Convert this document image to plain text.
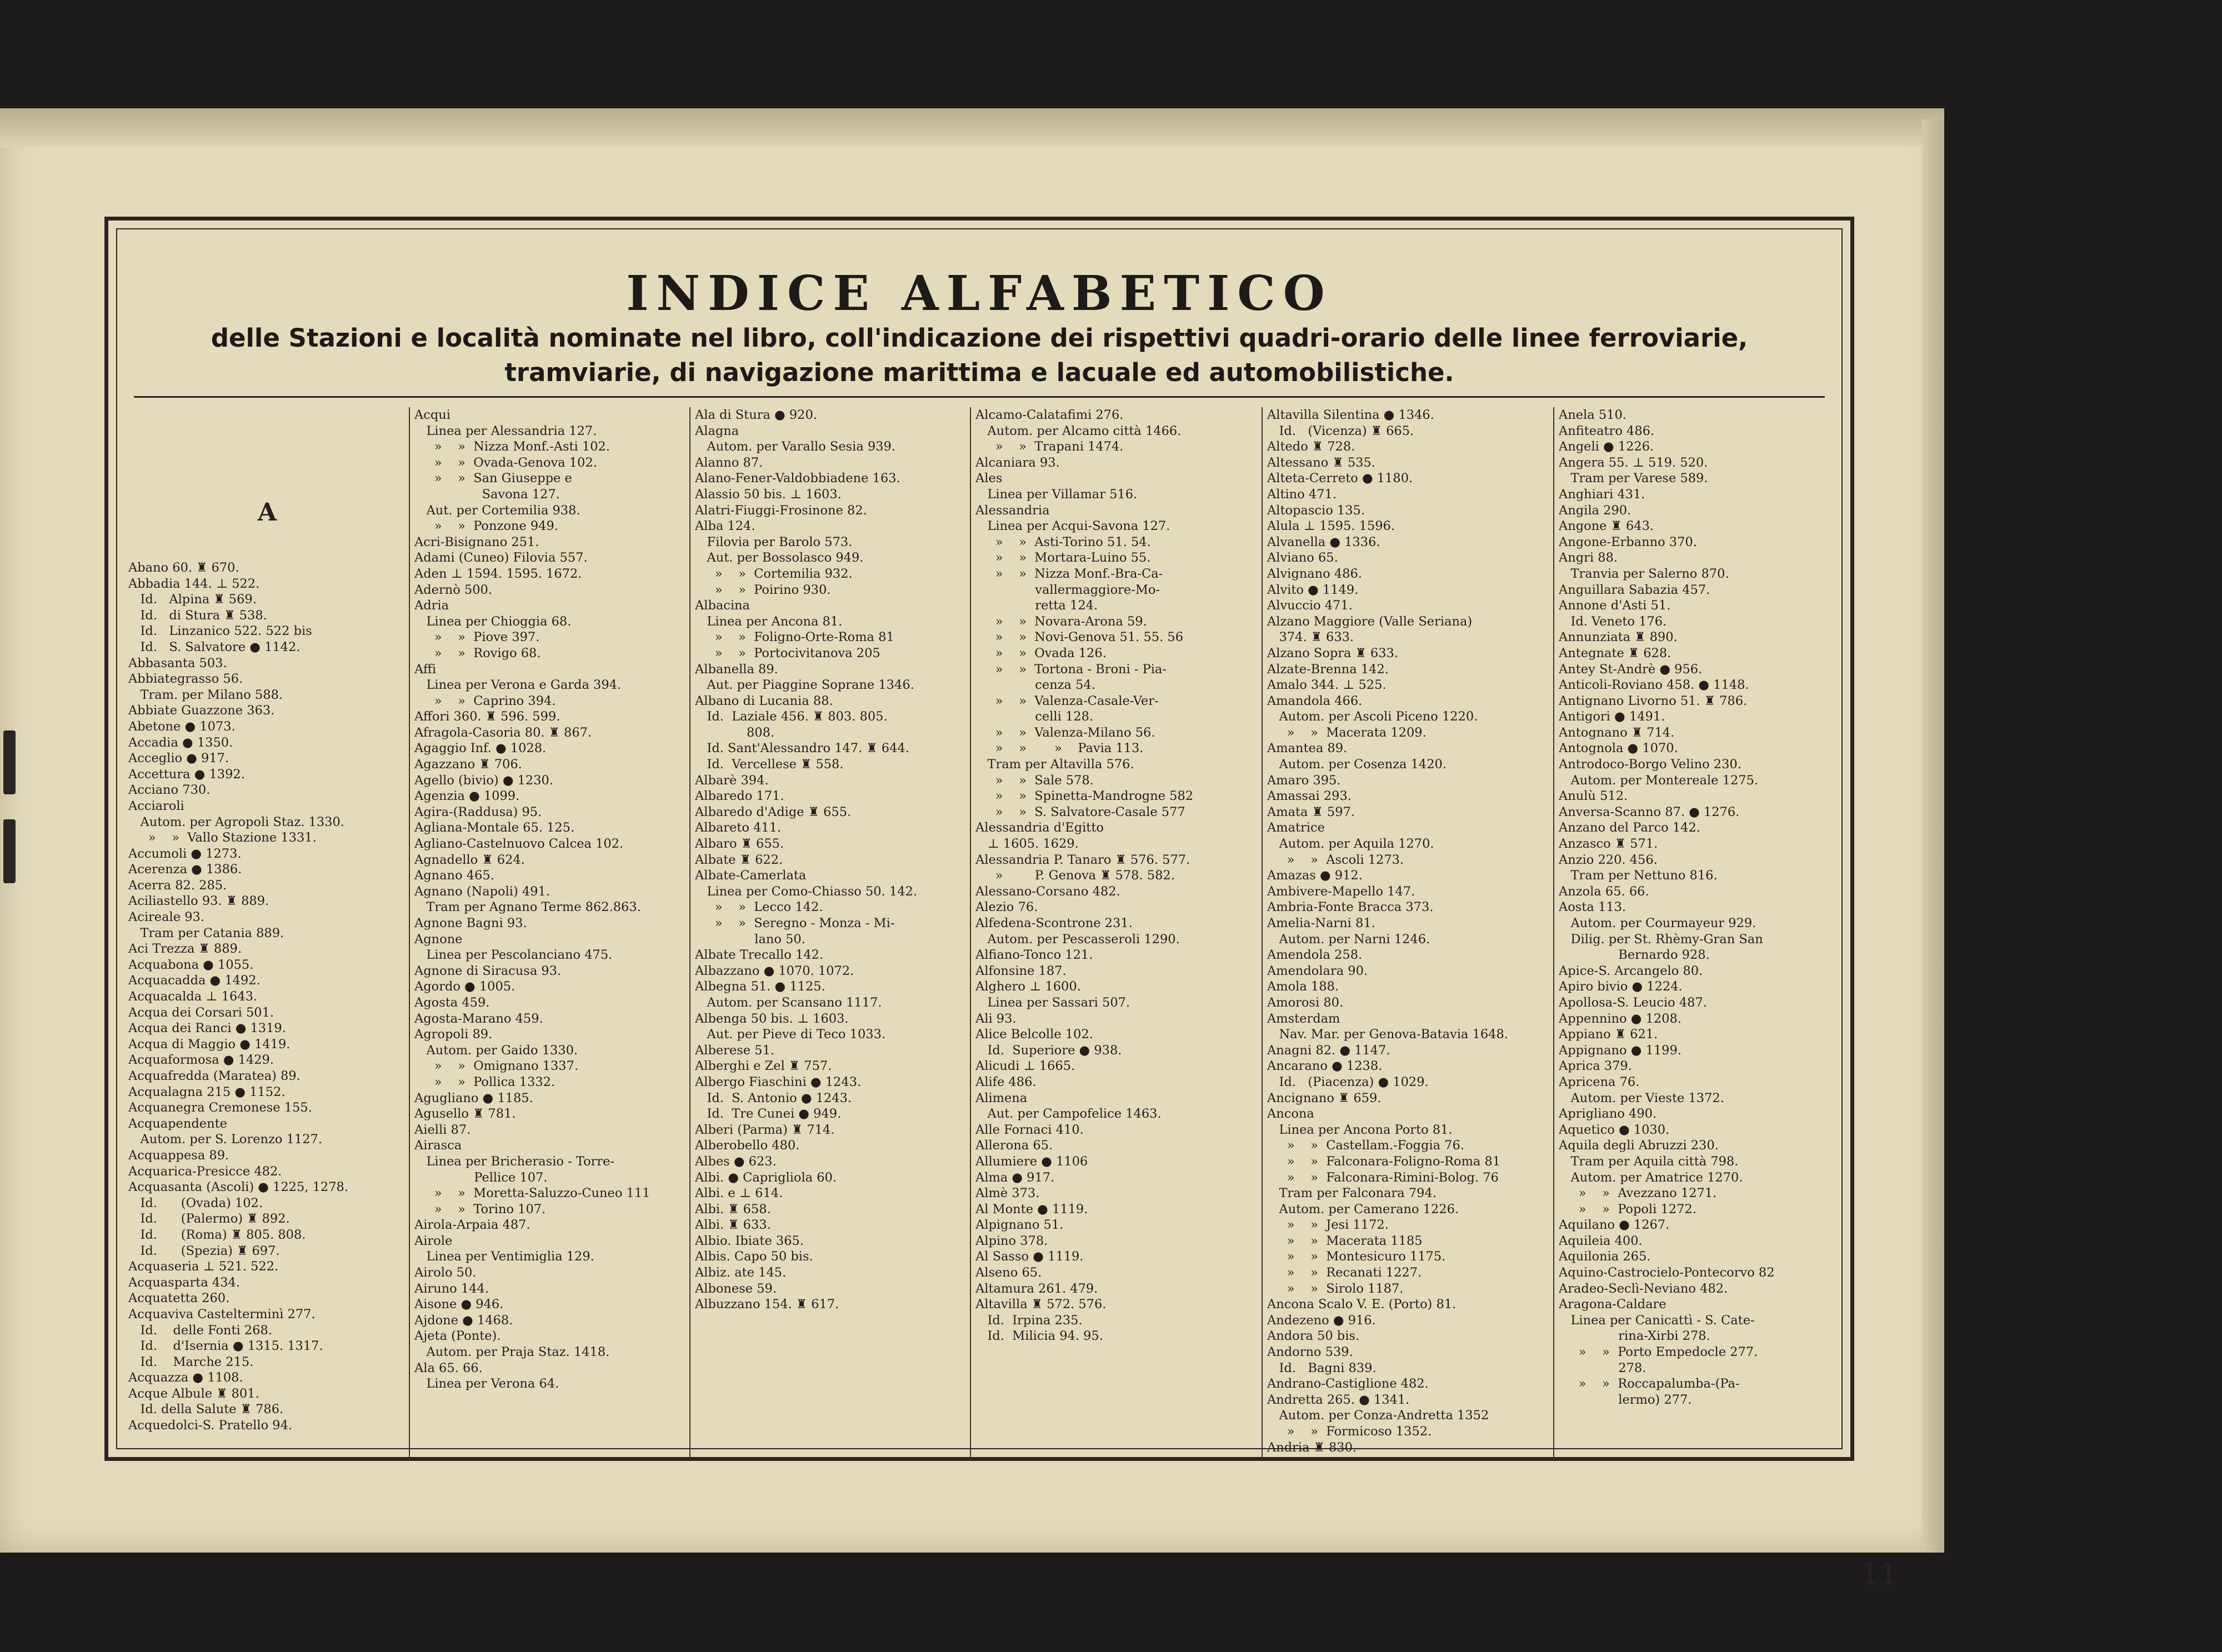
INDICE ALFABETICO
delle Stazioni e località nominate nel libro, coll'indicazione dei rispettivi quadri-orario delle linee ferroviarie, tramviarie, di navigazione marittima e lacuale ed automobilistiche.
A
Abano 60. ♜ 670.
Abbadia 144. ⊥ 522.
Id.   Alpina ♜ 569.
Id.   di Stura ♜ 538.
Id.   Linzanico 522. 522 bis
Id.   S. Salvatore ● 1142.
Abbasanta 503.
Abbiategrasso 56.
Tram. per Milano 588.
Abbiate Guazzone 363.
Abetone ● 1073.
Accadia ● 1350.
Acceglio ● 917.
Accettura ● 1392.
Acciano 730.
Acciaroli
Autom. per Agropoli Staz. 1330.
»    »  Vallo Stazione 1331.
Accumoli ● 1273.
Acerenza ● 1386.
Acerra 82. 285.
Aciliastello 93. ♜ 889.
Acireale 93.
Tram per Catania 889.
Aci Trezza ♜ 889.
Acquabona ● 1055.
Acquacadda ● 1492.
Acquacalda ⊥ 1643.
Acqua dei Corsari 501.
Acqua dei Ranci ● 1319.
Acqua di Maggio ● 1419.
Acquaformosa ● 1429.
Acquafredda (Maratea) 89.
Acqualagna 215 ● 1152.
Acquanegra Cremonese 155.
Acquapendente
Autom. per S. Lorenzo 1127.
Acquappesa 89.
Acquarica-Presicce 482.
Acquasanta (Ascoli) ● 1225, 1278.
Id.      (Ovada) 102.
Id.      (Palermo) ♜ 892.
Id.      (Roma) ♜ 805. 808.
Id.      (Spezia) ♜ 697.
Acquaseria ⊥ 521. 522.
Acquasparta 434.
Acquatetta 260.
Acquaviva Castelterminì 277.
Id.    delle Fonti 268.
Id.    d'Isernia ● 1315. 1317.
Id.    Marche 215.
Acquazza ● 1108.
Acque Albule ♜ 801.
Id. della Salute ♜ 786.
Acquedolci-S. Pratello 94.
Acqui
Linea per Alessandria 127.
»    »  Nizza Monf.-Asti 102.
»    »  Ovada-Genova 102.
»    »  San Giuseppe e
Savona 127.
Aut. per Cortemilia 938.
»    »  Ponzone 949.
Acri-Bisignano 251.
Adami (Cuneo) Filovia 557.
Aden ⊥ 1594. 1595. 1672.
Adernò 500.
Adria
Linea per Chioggia 68.
»    »  Piove 397.
»    »  Rovigo 68.
Affi
Linea per Verona e Garda 394.
»    »  Caprino 394.
Affori 360. ♜ 596. 599.
Afragola-Casoria 80. ♜ 867.
Agaggio Inf. ● 1028.
Agazzano ♜ 706.
Agello (bivio) ● 1230.
Agenzia ● 1099.
Agira-(Raddusa) 95.
Agliana-Montale 65. 125.
Agliano-Castelnuovo Calcea 102.
Agnadello ♜ 624.
Agnano 465.
Agnano (Napoli) 491.
Tram per Agnano Terme 862.863.
Agnone Bagni 93.
Agnone
Linea per Pescolanciano 475.
Agnone di Siracusa 93.
Agordo ● 1005.
Agosta 459.
Agosta-Marano 459.
Agropoli 89.
Autom. per Gaido 1330.
»    »  Omignano 1337.
»    »  Pollica 1332.
Agugliano ● 1185.
Agusello ♜ 781.
Aielli 87.
Airasca
Linea per Bricherasio - Torre-
Pellice 107.
»    »  Moretta-Saluzzo-Cuneo 111
»    »  Torino 107.
Airola-Arpaia 487.
Airole
Linea per Ventimiglia 129.
Airolo 50.
Airuno 144.
Aisone ● 946.
Ajdone ● 1468.
Ajeta (Ponte).
Autom. per Praja Staz. 1418.
Ala 65. 66.
Linea per Verona 64.
Ala di Stura ● 920.
Alagna
Autom. per Varallo Sesia 939.
Alanno 87.
Alano-Fener-Valdobbiadene 163.
Alassio 50 bis. ⊥ 1603.
Alatri-Fiuggi-Frosinone 82.
Alba 124.
Filovia per Barolo 573.
Aut. per Bossolasco 949.
»    »  Cortemilia 932.
»    »  Poirino 930.
Albacina
Linea per Ancona 81.
»    »  Foligno-Orte-Roma 81
»    »  Portocivitanova 205
Albanella 89.
Aut. per Piaggine Soprane 1346.
Albano di Lucania 88.
Id.  Laziale 456. ♜ 803. 805.
808.
Id. Sant'Alessandro 147. ♜ 644.
Id.  Vercellese ♜ 558.
Albarè 394.
Albaredo 171.
Albaredo d'Adige ♜ 655.
Albareto 411.
Albaro ♜ 655.
Albate ♜ 622.
Albate-Camerlata
Linea per Como-Chiasso 50. 142.
»    »  Lecco 142.
»    »  Seregno - Monza - Mi-
lano 50.
Albate Trecallo 142.
Albazzano ● 1070. 1072.
Albegna 51. ● 1125.
Autom. per Scansano 1117.
Albenga 50 bis. ⊥ 1603.
Aut. per Pieve di Teco 1033.
Alberese 51.
Alberghi e Zel ♜ 757.
Albergo Fiaschini ● 1243.
Id.  S. Antonio ● 1243.
Id.  Tre Cunei ● 949.
Alberi (Parma) ♜ 714.
Alberobello 480.
Albes ● 623.
Albi. ● Caprigliola 60.
Albi. e ⊥ 614.
Albi. ♜ 658.
Albi. ♜ 633.
Albio. Ibiate 365.
Albis. Capo 50 bis.
Albiz. ate 145.
Albonese 59.
Albuzzano 154. ♜ 617.
Alcamo-Calatafimi 276.
Autom. per Alcamo città 1466.
»    »  Trapani 1474.
Alcaniara 93.
Ales
Linea per Villamar 516.
Alessandria
Linea per Acqui-Savona 127.
»    »  Asti-Torino 51. 54.
»    »  Mortara-Luino 55.
»    »  Nizza Monf.-Bra-Ca-
vallermaggiore-Mo-
retta 124.
»    »  Novara-Arona 59.
»    »  Novi-Genova 51. 55. 56
»    »  Ovada 126.
»    »  Tortona - Broni - Pia-
cenza 54.
»    »  Valenza-Casale-Ver-
celli 128.
»    »  Valenza-Milano 56.
»    »       »    Pavia 113.
Tram per Altavilla 576.
»    »  Sale 578.
»    »  Spinetta-Mandrogne 582
»    »  S. Salvatore-Casale 577
Alessandria d'Egitto
⊥ 1605. 1629.
Alessandria P. Tanaro ♜ 576. 577.
»        P. Genova ♜ 578. 582.
Alessano-Corsano 482.
Alezio 76.
Alfedena-Scontrone 231.
Autom. per Pescasseroli 1290.
Alfiano-Tonco 121.
Alfonsine 187.
Alghero ⊥ 1600.
Linea per Sassari 507.
Ali 93.
Alice Belcolle 102.
Id.  Superiore ● 938.
Alicudi ⊥ 1665.
Alife 486.
Alimena
Aut. per Campofelice 1463.
Alle Fornaci 410.
Allerona 65.
Allumiere ● 1106
Alma ● 917.
Almè 373.
Al Monte ● 1119.
Alpignano 51.
Alpino 378.
Al Sasso ● 1119.
Alseno 65.
Altamura 261. 479.
Altavilla ♜ 572. 576.
Id.  Irpina 235.
Id.  Milicia 94. 95.
Altavilla Silentina ● 1346.
Id.   (Vicenza) ♜ 665.
Altedo ♜ 728.
Altessano ♜ 535.
Alteta-Cerreto ● 1180.
Altino 471.
Altopascio 135.
Alula ⊥ 1595. 1596.
Alvanella ● 1336.
Alviano 65.
Alvignano 486.
Alvito ● 1149.
Alvuccio 471.
Alzano Maggiore (Valle Seriana)
374. ♜ 633.
Alzano Sopra ♜ 633.
Alzate-Brenna 142.
Amalo 344. ⊥ 525.
Amandola 466.
Autom. per Ascoli Piceno 1220.
»    »  Macerata 1209.
Amantea 89.
Autom. per Cosenza 1420.
Amaro 395.
Amassai 293.
Amata ♜ 597.
Amatrice
Autom. per Aquila 1270.
»    »  Ascoli 1273.
Amazas ● 912.
Ambivere-Mapello 147.
Ambria-Fonte Bracca 373.
Amelia-Narni 81.
Autom. per Narni 1246.
Amendola 258.
Amendolara 90.
Amola 188.
Amorosi 80.
Amsterdam
Nav. Mar. per Genova-Batavia 1648.
Anagni 82. ● 1147.
Ancarano ● 1238.
Id.   (Piacenza) ● 1029.
Ancignano ♜ 659.
Ancona
Linea per Ancona Porto 81.
»    »  Castellam.-Foggia 76.
»    »  Falconara-Foligno-Roma 81
»    »  Falconara-Rimini-Bolog. 76
Tram per Falconara 794.
Autom. per Camerano 1226.
»    »  Jesi 1172.
»    »  Macerata 1185
»    »  Montesicuro 1175.
»    »  Recanati 1227.
»    »  Sirolo 1187.
Ancona Scalo V. E. (Porto) 81.
Andezeno ● 916.
Andora 50 bis.
Andorno 539.
Id.   Bagni 839.
Andrano-Castiglione 482.
Andretta 265. ● 1341.
Autom. per Conza-Andretta 1352
»    »  Formicoso 1352.
Andria ♜ 830.
Anela 510.
Anfiteatro 486.
Angeli ● 1226.
Angera 55. ⊥ 519. 520.
Tram per Varese 589.
Anghiari 431.
Angila 290.
Angone ♜ 643.
Angone-Erbanno 370.
Angri 88.
Tranvia per Salerno 870.
Anguillara Sabazia 457.
Annone d'Asti 51.
Id. Veneto 176.
Annunziata ♜ 890.
Antegnate ♜ 628.
Antey St-Andrè ● 956.
Anticoli-Roviano 458. ● 1148.
Antignano Livorno 51. ♜ 786.
Antigori ● 1491.
Antognano ♜ 714.
Antognola ● 1070.
Antrodoco-Borgo Velino 230.
Autom. per Montereale 1275.
Anulù 512.
Anversa-Scanno 87. ● 1276.
Anzano del Parco 142.
Anzasco ♜ 571.
Anzio 220. 456.
Tram per Nettuno 816.
Anzola 65. 66.
Aosta 113.
Autom. per Courmayeur 929.
Dilig. per St. Rhèmy-Gran San
Bernardo 928.
Apice-S. Arcangelo 80.
Apiro bivio ● 1224.
Apollosa-S. Leucio 487.
Appennino ● 1208.
Appiano ♜ 621.
Appignano ● 1199.
Aprica 379.
Apricena 76.
Autom. per Vieste 1372.
Aprigliano 490.
Aquetico ● 1030.
Aquila degli Abruzzi 230.
Tram per Aquila città 798.
Autom. per Amatrice 1270.
»    »  Avezzano 1271.
»    »  Popoli 1272.
Aquilano ● 1267.
Aquileia 400.
Aquilonia 265.
Aquino-Castrocielo-Pontecorvo 82
Aradeo-Seclì-Neviano 482.
Aragona-Caldare
Linea per Canicattì - S. Cate-
rina-Xirbi 278.
»    »  Porto Empedocle 277.
278.
»    »  Roccapalumba-(Pa-
lermo) 277.
11
